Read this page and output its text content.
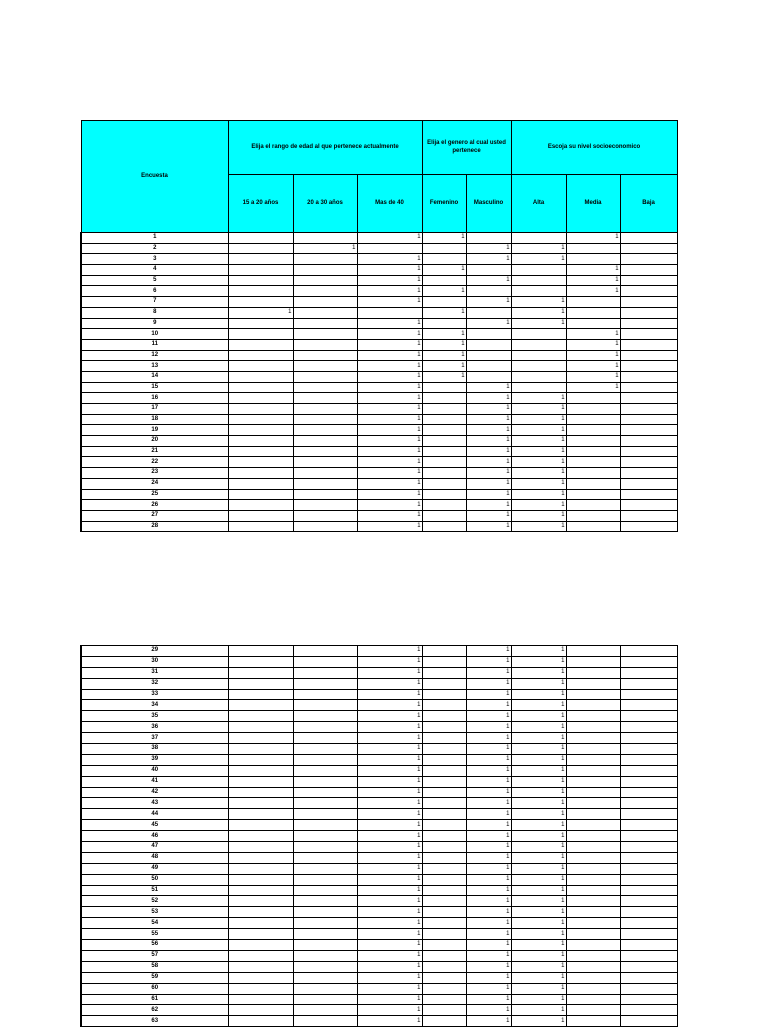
Encuesta	Elija el rango de edad al que pertenece actualmente			Elija el genero al cual usted pertenece		Escoja su nivel socioeconomico		
	15 a 20 años	20 a 30 años	Mas de 40	Femenino	Masculino	Alta	Media	Baja
1			1	1			1	
2		1			1	1		
3			1		1	1		
4			1	1			1	
5			1		1		1	
6			1	1			1	
7			1		1	1		
8	1			1		1		
9			1		1	1		
10			1	1			1	
11			1	1			1	
12			1	1			1	
13			1	1			1	
14			1	1			1	
15			1		1		1	
16			1		1	1		
17			1		1	1		
18			1		1	1		
19			1		1	1		
20			1		1	1		
21			1		1	1		
22			1		1	1		
23			1		1	1		
24			1		1	1		
25			1		1	1		
26			1		1	1		
27			1		1	1		
28			1		1	1		
29			1		1	1		
30			1		1	1		
31			1		1	1		
32			1		1	1		
33			1		1	1		
34			1		1	1		
35			1		1	1		
36			1		1	1		
37			1		1	1		
38			1		1	1		
39			1		1	1		
40			1		1	1		
41			1		1	1		
42			1		1	1		
43			1		1	1		
44			1		1	1		
45			1		1	1		
46			1		1	1		
47			1		1	1		
48			1		1	1		
49			1		1	1		
50			1		1	1		
51			1		1	1		
52			1		1	1		
53			1		1	1		
54			1		1	1		
55			1		1	1		
56			1		1	1		
57			1		1	1		
58			1		1	1		
59			1		1	1		
60			1		1	1		
61			1		1	1		
62			1		1	1		
63			1		1	1		
